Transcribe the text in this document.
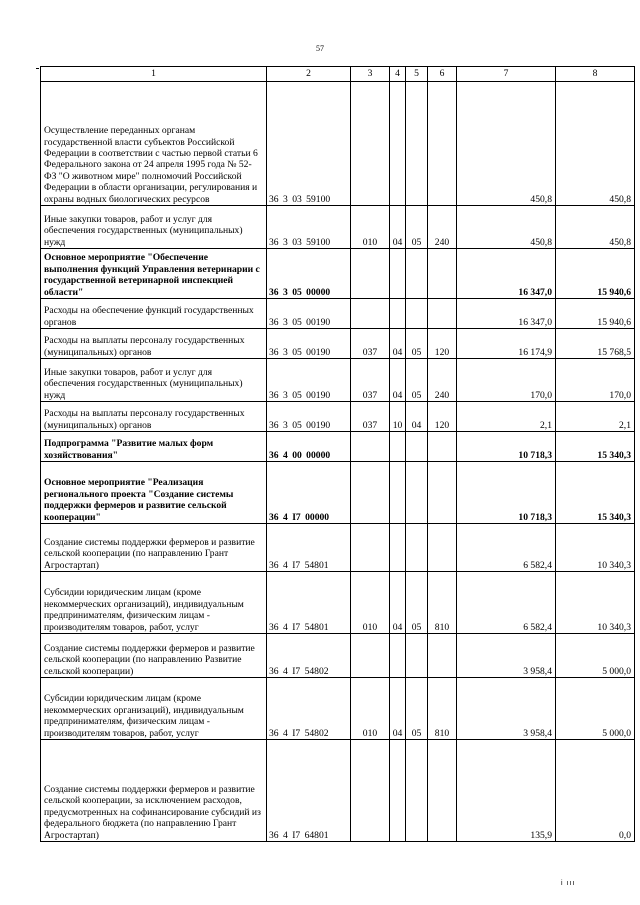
57
1	2	3	4	5	6	7	8
Осуществление переданных органам государственной власти субъектов Российской Федерации в соответствии с частью первой статьи 6 Федерального закона от 24 апреля 1995 года № 52-ФЗ "О животном мире" полномочий Российской Федерации в области организации, регулирования и охраны водных биологических ресурсов	36 3 03 59100					450,8	450,8
Иные закупки товаров, работ и услуг для обеспечения государственных (муниципальных) нужд	36 3 03 59100	010	04	05	240	450,8	450,8
Основное мероприятие "Обеспечение выполнения функций Управления ветеринарии с государственной ветеринарной инспекцией области"	36 3 05 00000					16 347,0	15 940,6
Расходы на обеспечение функций государственных органов	36 3 05 00190					16 347,0	15 940,6
Расходы на выплаты персоналу государственных (муниципальных) органов	36 3 05 00190	037	04	05	120	16 174,9	15 768,5
Иные закупки товаров, работ и услуг для обеспечения государственных (муниципальных) нужд	36 3 05 00190	037	04	05	240	170,0	170,0
Расходы на выплаты персоналу государственных (муниципальных) органов	36 3 05 00190	037	10	04	120	2,1	2,1
Подпрограмма "Развитие малых форм хозяйствования"	36 4 00 00000					10 718,3	15 340,3
Основное мероприятие "Реализация регионального проекта "Создание системы поддержки фермеров и развитие сельской кооперации"	36 4 I7 00000					10 718,3	15 340,3
Создание системы поддержки фермеров и развитие сельской кооперации (по направлению Грант Агростартап)	36 4 I7 54801					6 582,4	10 340,3
Субсидии юридическим лицам (кроме некоммерческих организаций), индивидуальным предпринимателям, физическим лицам - производителям товаров, работ, услуг	36 4 I7 54801	010	04	05	810	6 582,4	10 340,3
Создание системы поддержки фермеров и развитие сельской кооперации (по направлению Развитие сельской кооперации)	36 4 I7 54802					3 958,4	5 000,0
Субсидии юридическим лицам (кроме некоммерческих организаций), индивидуальным предпринимателям, физическим лицам - производителям товаров, работ, услуг	36 4 I7 54802	010	04	05	810	3 958,4	5 000,0
Создание системы поддержки фермеров и развитие сельской кооперации, за исключением расходов, предусмотренных на софинансирование субсидий из федерального бюджета (по направлению Грант Агростартап)	36 4 I7 64801					135,9	0,0
i ııı
